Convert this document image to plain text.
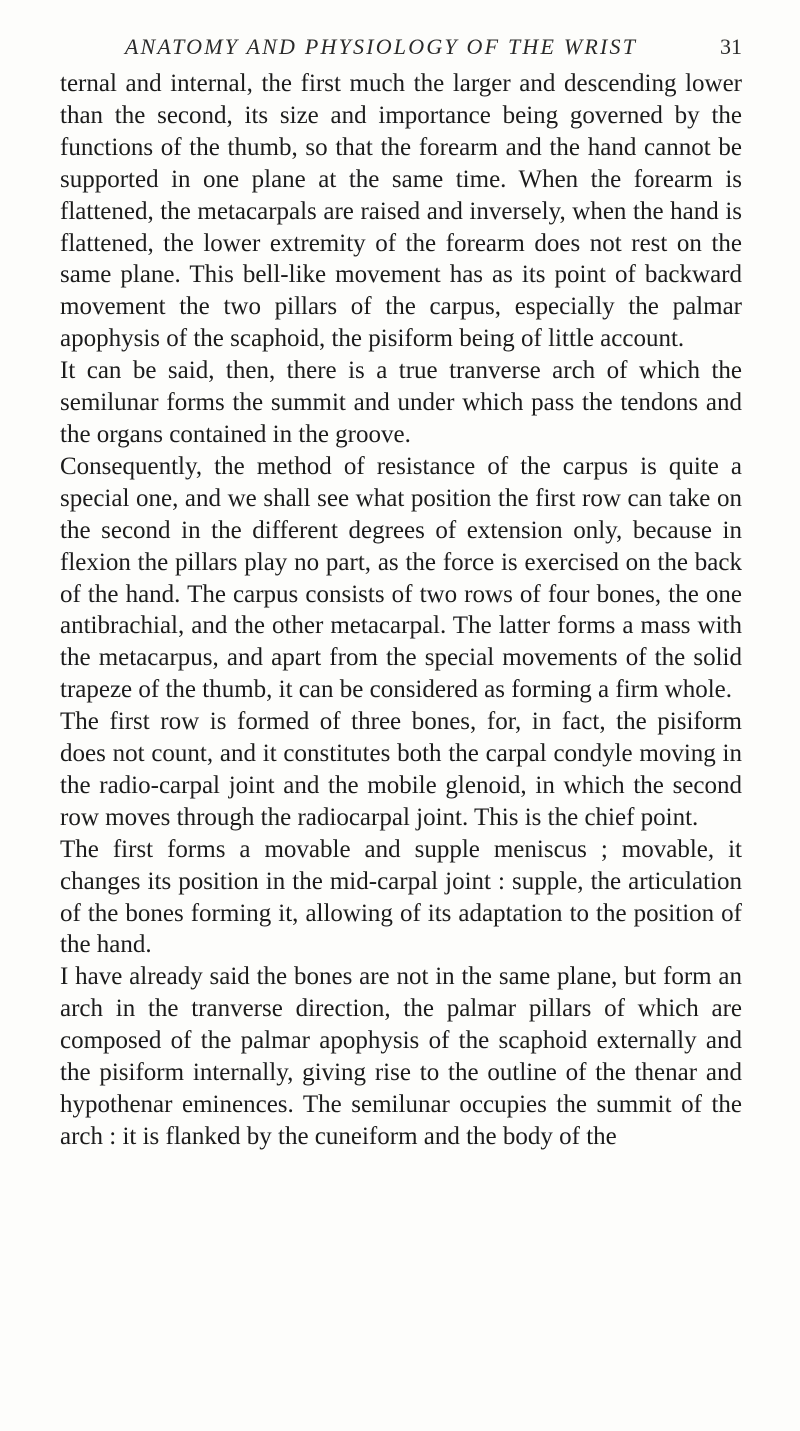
ANATOMY AND PHYSIOLOGY OF THE WRIST	31

ternal and internal, the first much the larger and descending lower than the second, its size and importance being governed by the functions of the thumb, so that the forearm and the hand cannot be supported in one plane at the same time. When the forearm is flattened, the metacarpals are raised and inversely, when the hand is flattened, the lower extremity of the forearm does not rest on the same plane. This bell-like movement has as its point of backward movement the two pillars of the carpus, especially the palmar apophysis of the scaphoid, the pisiform being of little account.

It can be said, then, there is a true tranverse arch of which the semilunar forms the summit and under which pass the tendons and the organs contained in the groove.

Consequently, the method of resistance of the carpus is quite a special one, and we shall see what position the first row can take on the second in the different degrees of extension only, because in flexion the pillars play no part, as the force is exercised on the back of the hand. The carpus consists of two rows of four bones, the one antibrachial, and the other metacarpal. The latter forms a mass with the metacarpus, and apart from the special movements of the solid trapeze of the thumb, it can be considered as forming a firm whole.

The first row is formed of three bones, for, in fact, the pisiform does not count, and it constitutes both the carpal condyle moving in the radio-carpal joint and the mobile glenoid, in which the second row moves through the radiocarpal joint. This is the chief point.

The first forms a movable and supple meniscus ; movable, it changes its position in the mid-carpal joint : supple, the articulation of the bones forming it, allowing of its adaptation to the position of the hand.

I have already said the bones are not in the same plane, but form an arch in the tranverse direction, the palmar pillars of which are composed of the palmar apophysis of the scaphoid externally and the pisiform internally, giving rise to the outline of the thenar and hypothenar eminences. The semilunar occupies the summit of the arch : it is flanked by the cuneiform and the body of the
